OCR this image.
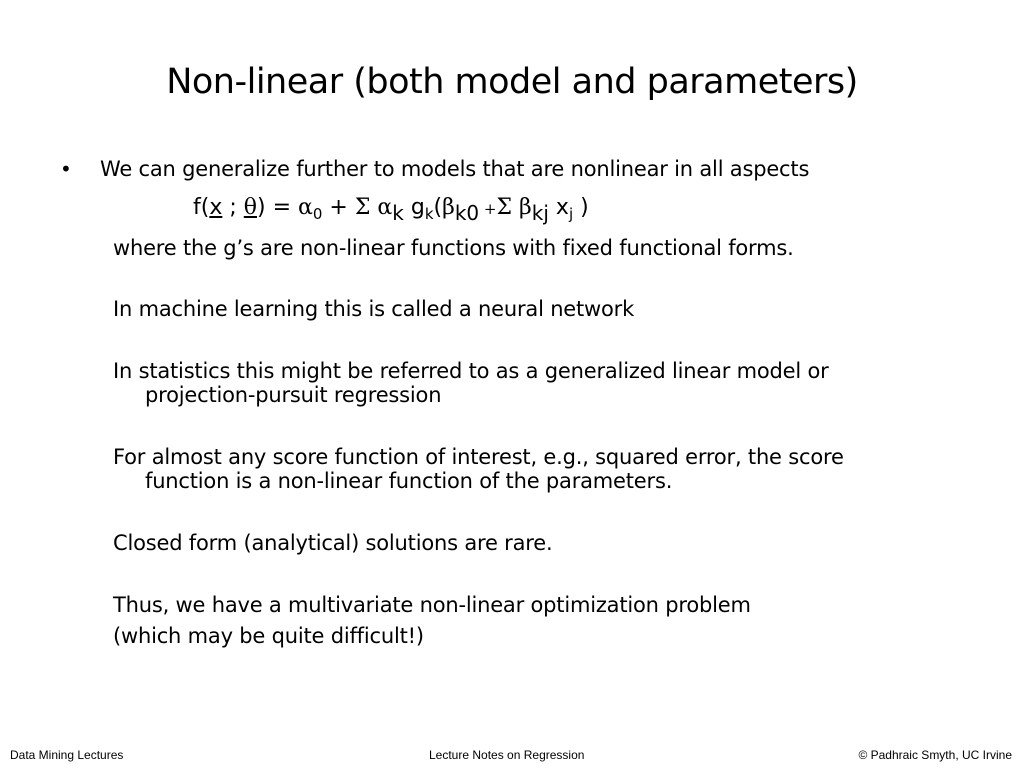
Non-linear (both model and parameters)
• We can generalize further to models that are nonlinear in all aspects
f(x ; $\theta) = \alpha_0 + \Sigma$ αk $g_k(\beta k0 +\Sigma$ βkj $x_j$ )
where the g’s are non-linear functions with fixed functional forms.
In machine learning this is called a neural network
In statistics this might be referred to as a generalized linear model or
projection-pursuit regression
For almost any score function of interest, e.g., squared error, the score
function is a non-linear function of the parameters.
Closed form (analytical) solutions are rare.
Thus, we have a multivariate non-linear optimization problem
(which may be quite difficult!)
Data Mining Lectures	Lecture Notes on Regression	© Padhraic Smyth, UC Irvine
